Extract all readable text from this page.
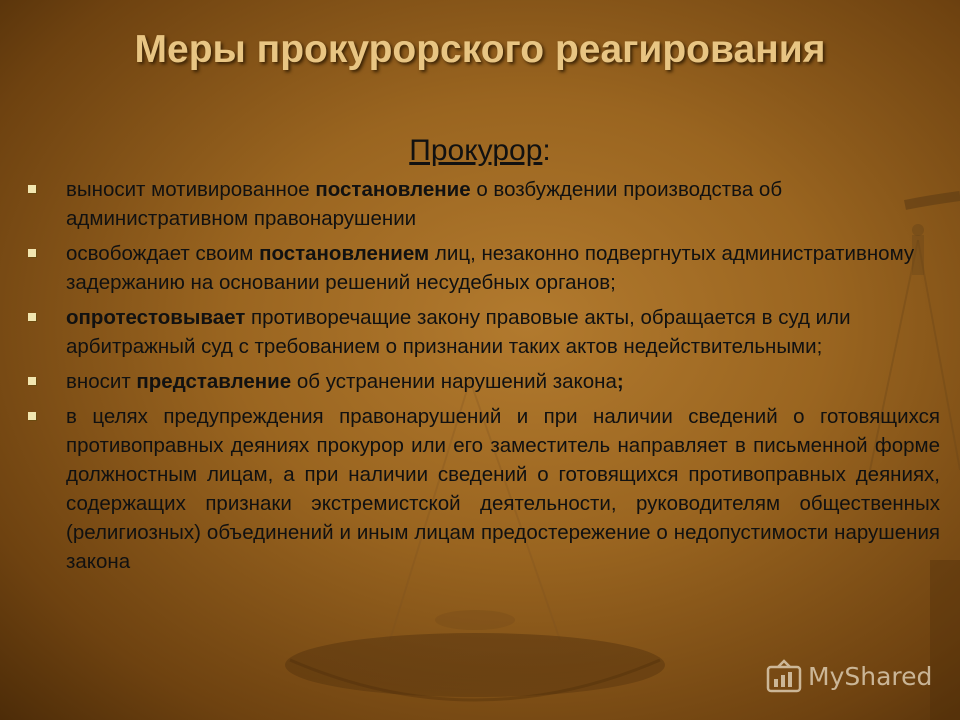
Меры прокурорского реагирования
Прокурор:
выносит мотивированное постановление о возбуждении производства об административном правонарушении
освобождает своим постановлением лиц, незаконно подвергнутых административному задержанию на основании решений несудебных органов;
опротестовывает противоречащие закону правовые акты, обращается в суд или арбитражный суд с требованием о признании таких актов недействительными;
вносит представление об устранении нарушений закона;
в целях предупреждения правонарушений и при наличии сведений о готовящихся противоправных деяниях прокурор или его заместитель направляет в письменной форме должностным лицам, а при наличии сведений о готовящихся противоправных деяниях, содержащих признаки экстремистской деятельности, руководителям общественных (религиозных) объединений и иным лицам предостережение о недопустимости нарушения закона
MyShared
